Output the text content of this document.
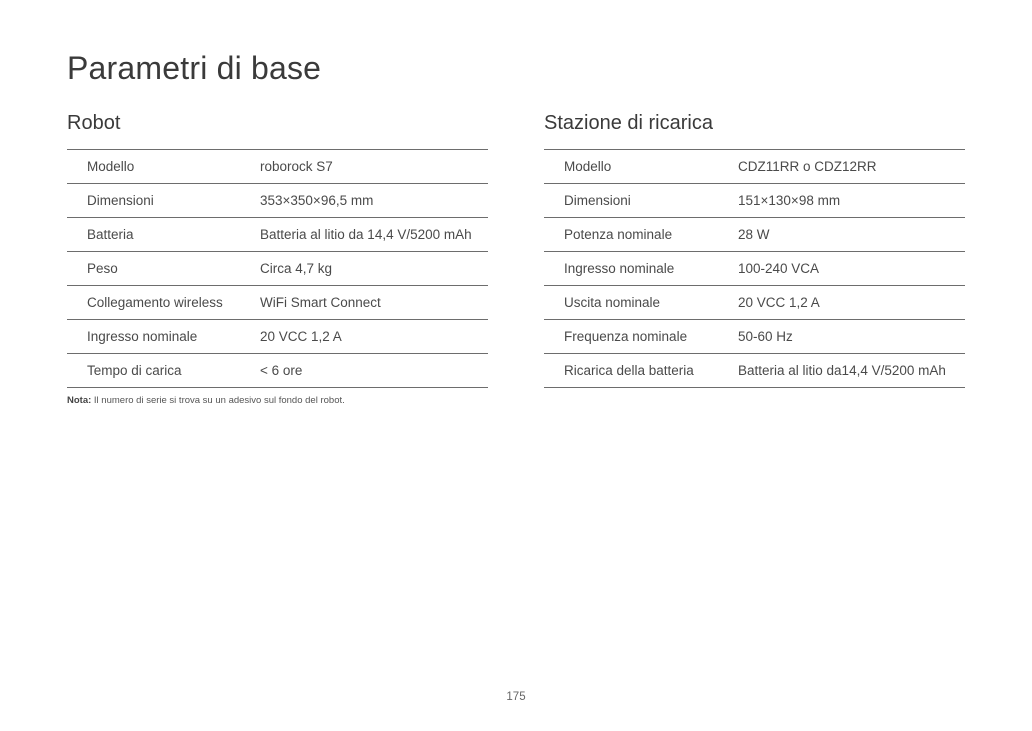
Parametri di base
Robot
Modello	roborock S7
Dimensioni	353×350×96,5 mm
Batteria	Batteria al litio da 14,4 V/5200 mAh
Peso	Circa 4,7 kg
Collegamento wireless	WiFi Smart Connect
Ingresso nominale	20 VCC 1,2 A
Tempo di carica	< 6 ore
Stazione di ricarica
Modello	CDZ11RR o CDZ12RR
Dimensioni	151×130×98 mm
Potenza nominale	28 W
Ingresso nominale	100-240 VCA
Uscita nominale	20 VCC 1,2 A
Frequenza nominale	50-60 Hz
Ricarica della batteria	Batteria al litio da14,4 V/5200 mAh
Nota: Il numero di serie si trova su un adesivo sul fondo del robot.
175
